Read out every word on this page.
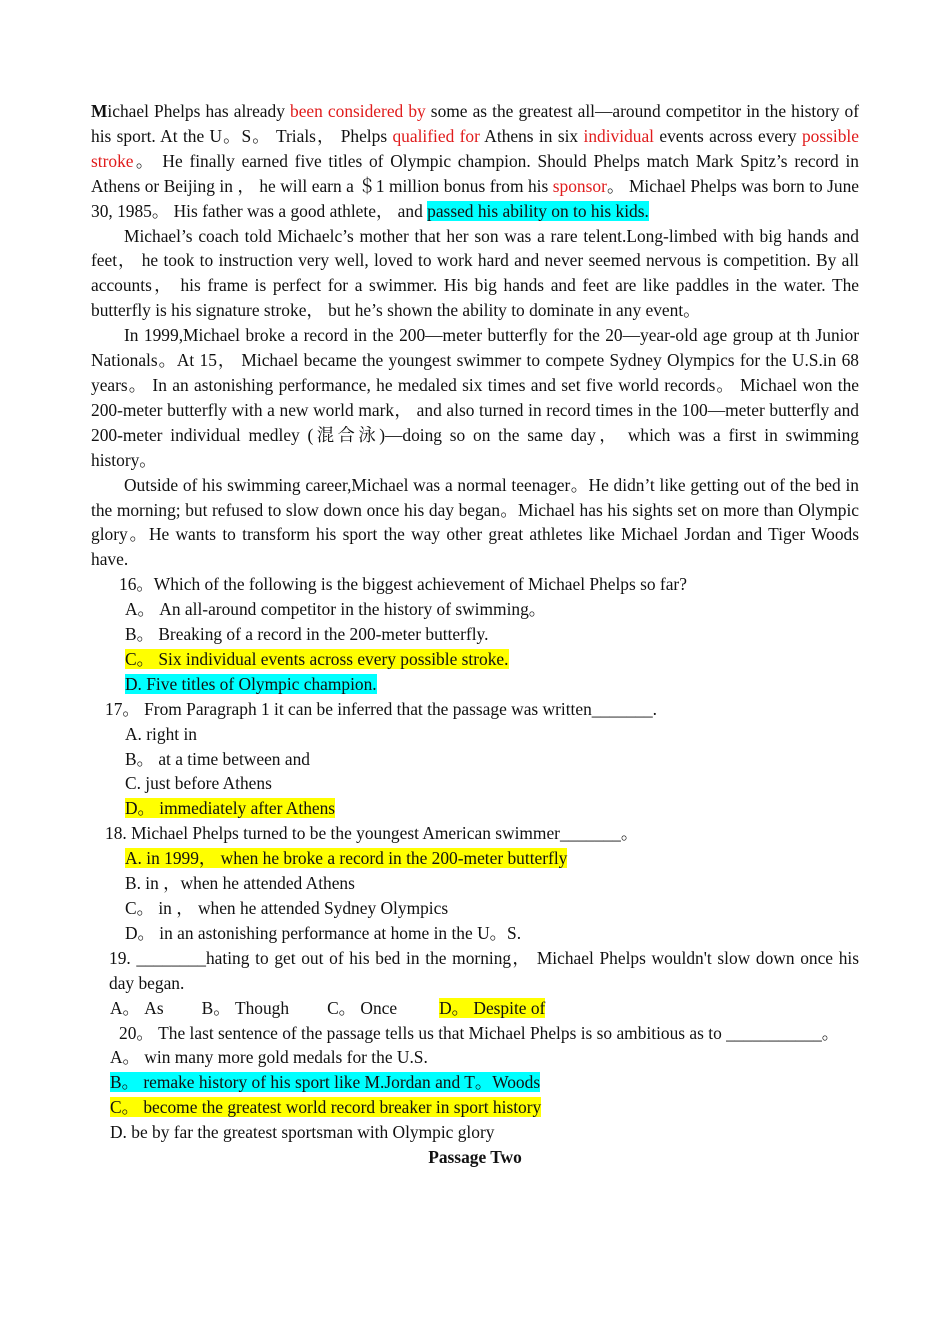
Michael Phelps has already been considered by some as the greatest all—around competitor in the history of his sport. At the U。S。 Trials， Phelps qualified for Athens in six individual events across every possible stroke。 He finally earned five titles of Olympic champion. Should Phelps match Mark Spitz’s record in Athens or Beijing in ， he will earn a ＄1 million bonus from his sponsor。 Michael Phelps was born to June 30, 1985。 His father was a good athlete， and passed his ability on to his kids.

Michael’s coach told Michaelc’s mother that her son was a rare telent.Long-limbed with big hands and feet， he took to instruction very well, loved to work hard and never seemed nervous is competition. By all accounts， his frame is perfect for a swimmer. His big hands and feet are like paddles in the water. The butterfly is his signature stroke， but he’s shown the ability to dominate in any event。

In 1999,Michael broke a record in the 200—meter butterfly for the 20—year-old age group at th Junior Nationals。At 15， Michael became the youngest swimmer to compete Sydney Olympics for the U.S.in 68 years。 In an astonishing performance, he medaled six times and set five world records。 Michael won the 200-meter butterfly with a new world mark， and also turned in record times in the 100—meter butterfly and 200-meter individual medley (混合泳)—doing so on the same day， which was a first in swimming history。

Outside of his swimming career,Michael was a normal teenager。He didn’t like getting out of the bed in the morning; but refused to slow down once his day began。Michael has his sights set on more than Olympic glory。He wants to transform his sport the way other great athletes like Michael Jordan and Tiger Woods have.

16。Which of the following is the biggest achievement of Michael Phelps so far?

A。 An all-around competitor in the history of swimming。

B。 Breaking of a record in the 200-meter butterfly.

C。 Six individual events across every possible stroke.

D. Five titles of Olympic champion.

17。 From Paragraph 1 it can be inferred that the passage was written_______.

A. right in

B。 at a time between and

C. just before Athens

D。 immediately after Athens

18. Michael Phelps turned to be the youngest American swimmer_______。

A. in 1999， when he broke a record in the 200-meter butterfly

B. in ，when he attended Athens

C。 in ， when he attended Sydney Olympics

D。 in an astonishing performance at home in the U。S.

19. ________hating to get out of his bed in the morning， Michael Phelps wouldn't slow down once his day began.

A。 As B。 Though C。 Once D。 Despite of

20。 The last sentence of the passage tells us that Michael Phelps is so ambitious as to ___________。

A。 win many more gold medals for the U.S.

B。 remake history of his sport like M.Jordan and T。Woods

C。 become the greatest world record breaker in sport history

D. be by far the greatest sportsman with Olympic glory

Passage Two
